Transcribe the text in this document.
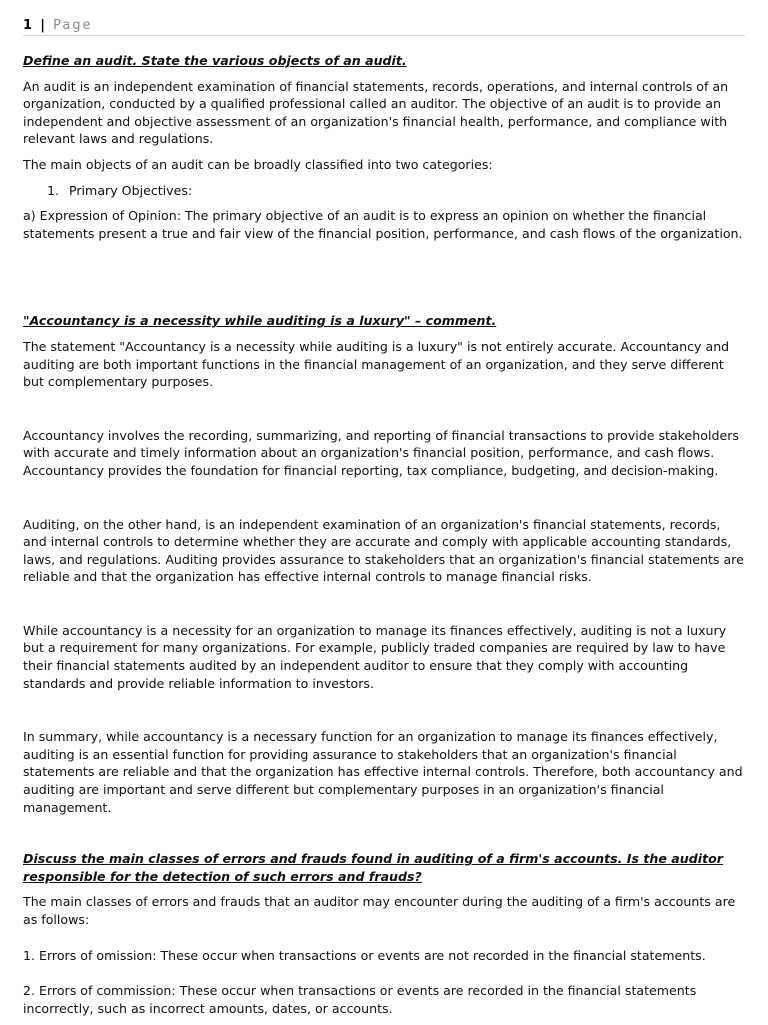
1 | Page

Define an audit. State the various objects of an audit.

An audit is an independent examination of financial statements, records, operations, and internal controls of an organization, conducted by a qualified professional called an auditor. The objective of an audit is to provide an independent and objective assessment of an organization's financial health, performance, and compliance with relevant laws and regulations.

The main objects of an audit can be broadly classified into two categories:

1. Primary Objectives:

a) Expression of Opinion: The primary objective of an audit is to express an opinion on whether the financial statements present a true and fair view of the financial position, performance, and cash flows of the organization.

"Accountancy is a necessity while auditing is a luxury" – comment.

The statement "Accountancy is a necessity while auditing is a luxury" is not entirely accurate. Accountancy and auditing are both important functions in the financial management of an organization, and they serve different but complementary purposes.

Accountancy involves the recording, summarizing, and reporting of financial transactions to provide stakeholders with accurate and timely information about an organization's financial position, performance, and cash flows. Accountancy provides the foundation for financial reporting, tax compliance, budgeting, and decision-making.

Auditing, on the other hand, is an independent examination of an organization's financial statements, records, and internal controls to determine whether they are accurate and comply with applicable accounting standards, laws, and regulations. Auditing provides assurance to stakeholders that an organization's financial statements are reliable and that the organization has effective internal controls to manage financial risks.

While accountancy is a necessity for an organization to manage its finances effectively, auditing is not a luxury but a requirement for many organizations. For example, publicly traded companies are required by law to have their financial statements audited by an independent auditor to ensure that they comply with accounting standards and provide reliable information to investors.

In summary, while accountancy is a necessary function for an organization to manage its finances effectively, auditing is an essential function for providing assurance to stakeholders that an organization's financial statements are reliable and that the organization has effective internal controls. Therefore, both accountancy and auditing are important and serve different but complementary purposes in an organization's financial management.

Discuss the main classes of errors and frauds found in auditing of a firm's accounts. Is the auditor responsible for the detection of such errors and frauds?

The main classes of errors and frauds that an auditor may encounter during the auditing of a firm's accounts are as follows:

1. Errors of omission: These occur when transactions or events are not recorded in the financial statements.

2. Errors of commission: These occur when transactions or events are recorded in the financial statements incorrectly, such as incorrect amounts, dates, or accounts.
